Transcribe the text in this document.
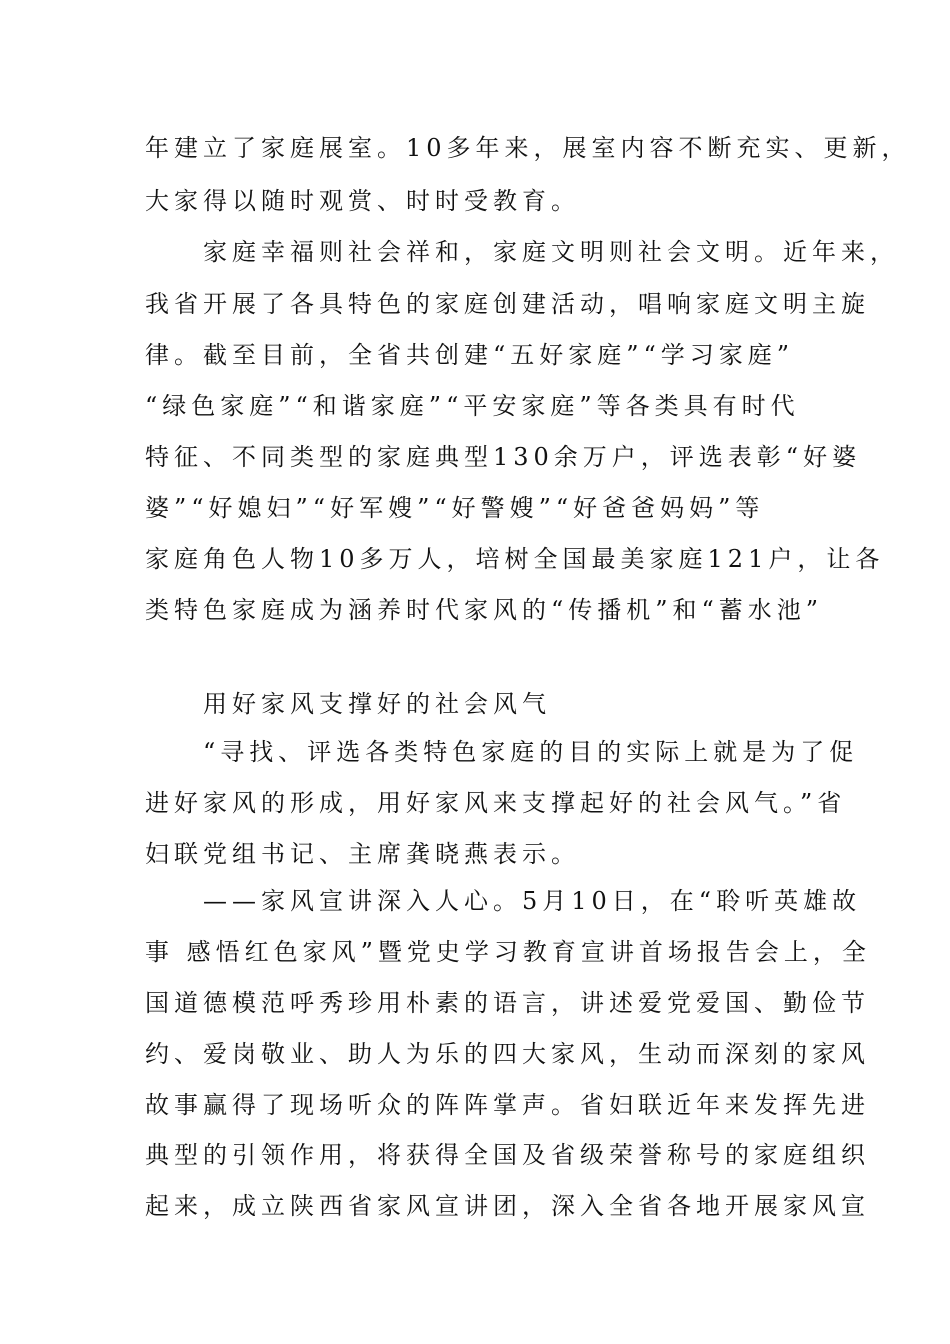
年建立了家庭展室。10多年来，展室内容不断充实、更新，
大家得以随时观赏、时时受教育。
　　家庭幸福则社会祥和，家庭文明则社会文明。近年来，
我省开展了各具特色的家庭创建活动，唱响家庭文明主旋
律。截至目前，全省共创建“五好家庭”“学习家庭”
“绿色家庭”“和谐家庭”“平安家庭”等各类具有时代
特征、不同类型的家庭典型130余万户，评选表彰“好婆
婆”“好媳妇”“好军嫂”“好警嫂”“好爸爸妈妈”等
家庭角色人物10多万人，培树全国最美家庭121户，让各
类特色家庭成为涵养时代家风的“传播机”和“蓄水池”
　　用好家风支撑好的社会风气
　　“寻找、评选各类特色家庭的目的实际上就是为了促
进好家风的形成，用好家风来支撑起好的社会风气。”省
妇联党组书记、主席龚晓燕表示。
　　——家风宣讲深入人心。5月10日，在“聆听英雄故
事 感悟红色家风”暨党史学习教育宣讲首场报告会上，全
国道德模范呼秀珍用朴素的语言，讲述爱党爱国、勤俭节
约、爱岗敬业、助人为乐的四大家风，生动而深刻的家风
故事赢得了现场听众的阵阵掌声。省妇联近年来发挥先进
典型的引领作用，将获得全国及省级荣誉称号的家庭组织
起来，成立陕西省家风宣讲团，深入全省各地开展家风宣
